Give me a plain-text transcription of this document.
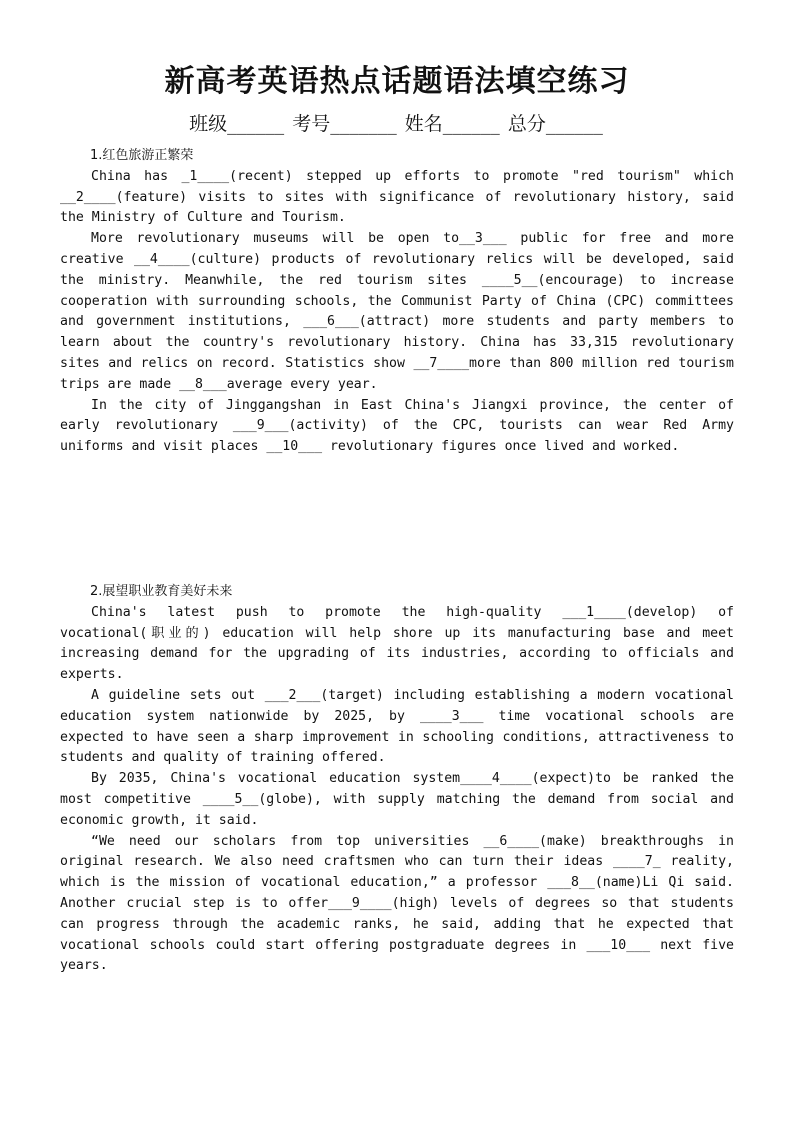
新高考英语热点话题语法填空练习
班级______ 考号_______ 姓名______ 总分______
1.红色旅游正繁荣

China has _1____(recent) stepped up efforts to promote "red tourism" which __2____(feature) visits to sites with significance of revolutionary history, said the Ministry of Culture and Tourism.

More revolutionary museums will be open to__3___ public for free and more creative __4____(culture) products of revolutionary relics will be developed, said the ministry. Meanwhile, the red tourism sites ____5__(encourage) to increase cooperation with surrounding schools, the Communist Party of China (CPC) committees and government institutions, ___6___(attract) more students and party members to learn about the country's revolutionary history. China has 33,315 revolutionary sites and relics on record. Statistics show __7____more than 800 million red tourism trips are made __8___average every year.

In the city of Jinggangshan in East China's Jiangxi province, the center of early revolutionary ___9___(activity) of the CPC, tourists can wear Red Army uniforms and visit places __10___ revolutionary figures once lived and worked.

2.展望职业教育美好未来

China's latest push to promote the high-quality ___1____(develop) of vocational(职业的) education will help shore up its manufacturing base and meet increasing demand for the upgrading of its industries, according to officials and experts.

A guideline sets out ___2___(target) including establishing a modern vocational education system nationwide by 2025, by ____3___ time vocational schools are expected to have seen a sharp improvement in schooling conditions, attractiveness to students and quality of training offered.

By 2035, China's vocational education system____4____(expect)to be ranked the most competitive ____5__(globe), with supply matching the demand from social and economic growth, it said.

“We need our scholars from top universities __6____(make) breakthroughs in original research. We also need craftsmen who can turn their ideas ____7_ reality, which is the mission of vocational education,” a professor ___8__(name)Li Qi said. Another crucial step is to offer___9____(high) levels of degrees so that students can progress through the academic ranks, he said, adding that he expected that vocational schools could start offering postgraduate degrees in ___10___ next five years.
